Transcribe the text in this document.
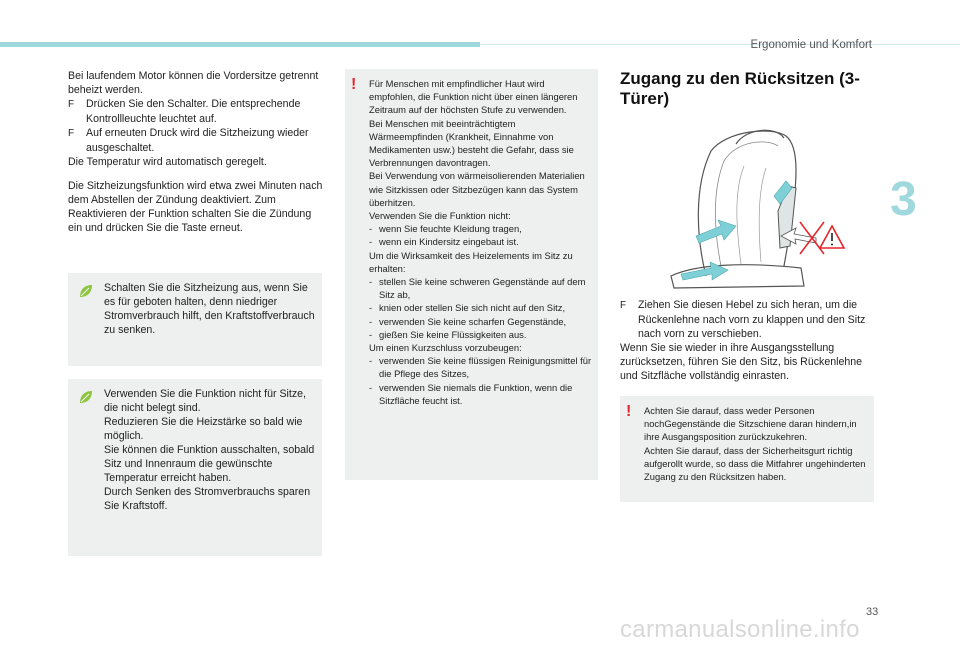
Ergonomie und Komfort
3

Bei laufendem Motor können die Vordersitze getrennt beheizt werden.

F Drücken Sie den Schalter. Die entsprechende Kontrollleuchte leuchtet auf.
F Auf erneuten Druck wird die Sitzheizung wieder ausgeschaltet.

Die Temperatur wird automatisch geregelt.

Die Sitzheizungsfunktion wird etwa zwei Minuten nach dem Abstellen der Zündung deaktiviert. Zum Reaktivieren der Funktion schalten Sie die Zündung ein und drücken Sie die Taste erneut.

Schalten Sie die Sitzheizung aus, wenn Sie es für geboten halten, denn niedriger Stromverbrauch hilft, den Kraftstoffverbrauch zu senken.
Verwenden Sie die Funktion nicht für Sitze, die nicht belegt sind.
Reduzieren Sie die Heizstärke so bald wie möglich.
Sie können die Funktion ausschalten, sobald Sitz und Innenraum die gewünschte Temperatur erreicht haben.
Durch Senken des Stromverbrauchs sparen Sie Kraftstoff.
! Für Menschen mit empfindlicher Haut wird empfohlen, die Funktion nicht über einen längeren Zeitraum auf der höchsten Stufe zu verwenden.
Bei Menschen mit beeinträchtigtem Wärmeempfinden (Krankheit, Einnahme von Medikamenten usw.) besteht die Gefahr, dass sie Verbrennungen davontragen.
Bei Verwendung von wärmeisolierenden Materialien wie Sitzkissen oder Sitzbezügen kann das System überhitzen.
Verwenden Sie die Funktion nicht:
- wenn Sie feuchte Kleidung tragen,
- wenn ein Kindersitz eingebaut ist.
Um die Wirksamkeit des Heizelements im Sitz zu erhalten:
- stellen Sie keine schweren Gegenstände auf dem Sitz ab,
- knien oder stellen Sie sich nicht auf den Sitz,
- verwenden Sie keine scharfen Gegenstände,
- gießen Sie keine Flüssigkeiten aus.
Um einen Kurzschluss vorzubeugen:
- verwenden Sie keine flüssigen Reinigungsmittel für die Pflege des Sitzes,
- verwenden Sie niemals die Funktion, wenn die Sitzfläche feucht ist.
Zugang zu den Rücksitzen (3-Türer)
F Ziehen Sie diesen Hebel zu sich heran, um die Rückenlehne nach vorn zu klappen und den Sitz nach vorn zu verschieben.

Wenn Sie sie wieder in ihre Ausgangsstellung zurücksetzen, führen Sie den Sitz, bis Rückenlehne und Sitzfläche vollständig einrasten.

! Achten Sie darauf, dass weder Personen nochGegenstände die Sitzschiene daran hindern,in ihre Ausgangsposition zurückzukehren.
Achten Sie darauf, dass der Sicherheitsgurt richtig aufgerollt wurde, so dass die Mitfahrer ungehinderten Zugang zu den Rücksitzen haben.
33
carmanualsonline.info
